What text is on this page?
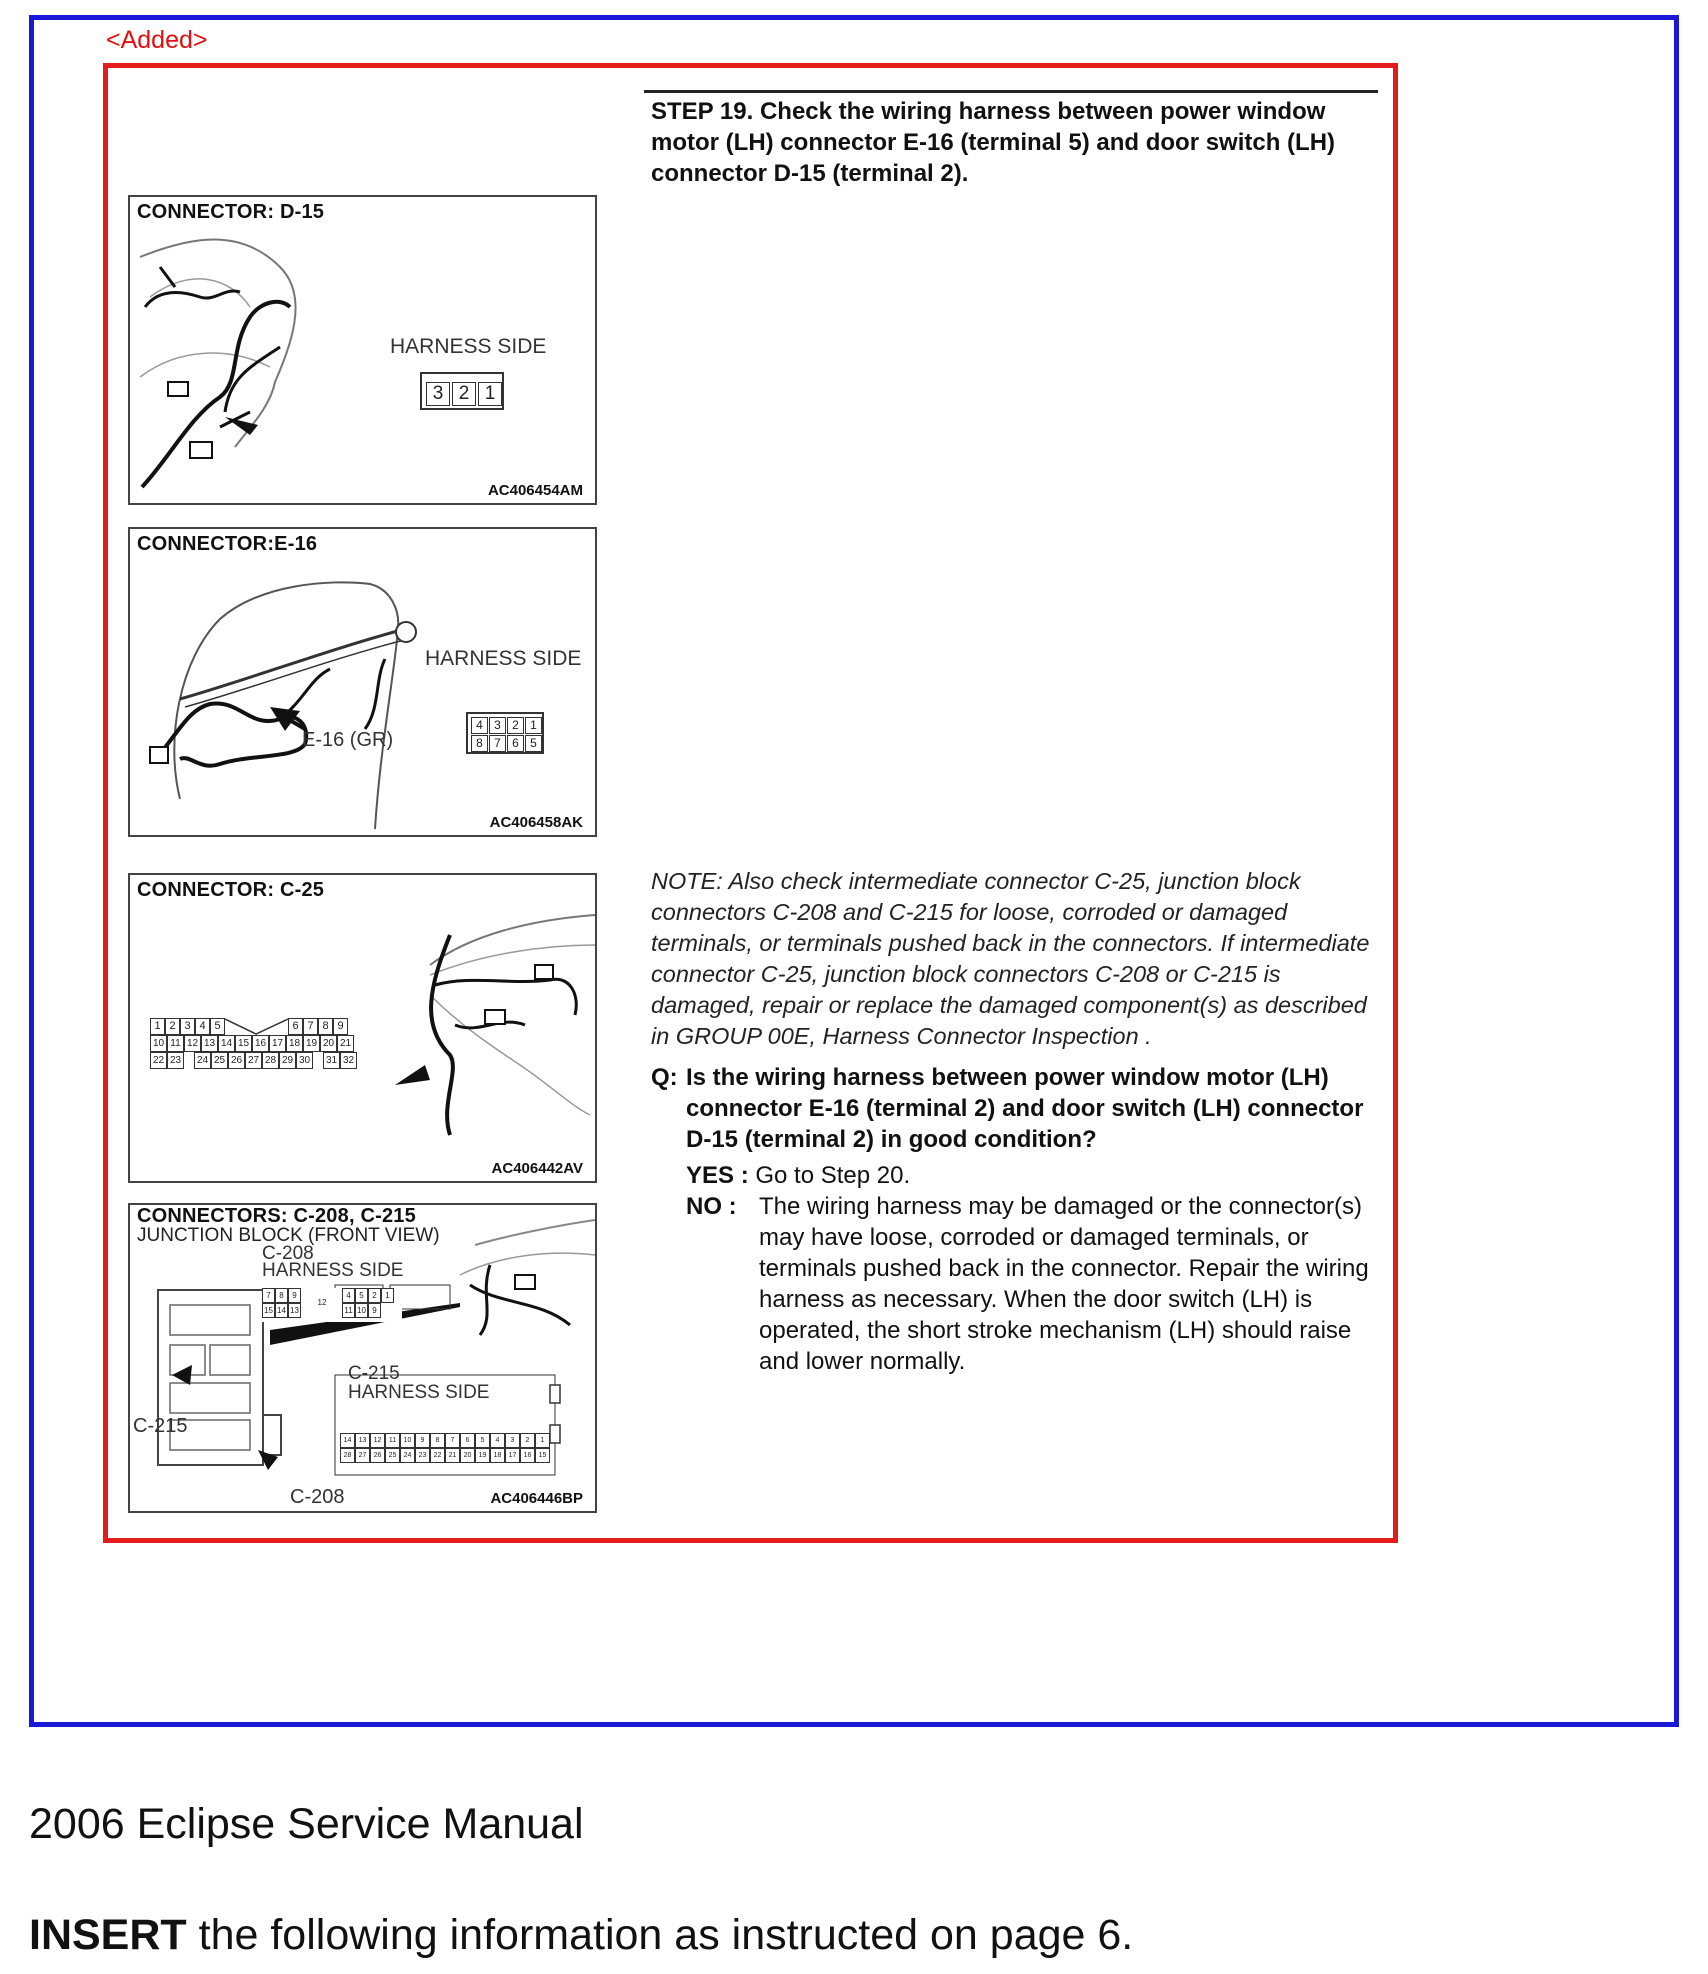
<Added>
CONNECTOR: D-15
HARNESS SIDE
3 2 1
AC406454AM
CONNECTOR:E-16
HARNESS SIDE
E-16 (GR)
4 3 2 1
8 7 6 5
AC406458AK
CONNECTOR: C-25
1 2 3 4 5	6 7 8 9
10 11 12 13 14 15 16 17 18 19 20 21
22 23 24 25 26 27 28 29 30 31 32
AC406442AV
CONNECTORS: C-208, C-215
JUNCTION BLOCK (FRONT VIEW)
C-208
HARNESS SIDE
7	8	9	4	5	2	1
15 14 13
12
11 10 9
C-215
HARNESS SIDE
14	13	12	11	10	9	8	7	6	5	4	3	2	1
28	27	26	25	24	23	22	21	20	19	18	17	16	15
C-215
C-208	AC406446BP
STEP 19. Check the wiring harness between power window motor (LH) connector E-16 (terminal 5) and door switch (LH) connector D-15 (terminal 2).
NOTE: Also check intermediate connector C-25, junction block connectors C-208 and C-215 for loose, corroded or damaged terminals, or terminals pushed back in the connectors. If intermediate connector C-25, junction block connectors C-208 or C-215 is damaged, repair or replace the damaged component(s) as described in GROUP 00E, Harness Connector Inspection .
Q: Is the wiring harness between power window motor (LH) connector E-16 (terminal 2) and door switch (LH) connector D-15 (terminal 2) in good condition?
YES : Go to Step 20.
NO : The wiring harness may be damaged or the connector(s) may have loose, corroded or damaged terminals, or terminals pushed back in the connector. Repair the wiring harness as necessary. When the door switch (LH) is operated, the short stroke mechanism (LH) should raise and lower normally.
2006 Eclipse Service Manual
INSERT the following information as instructed on page 6.
